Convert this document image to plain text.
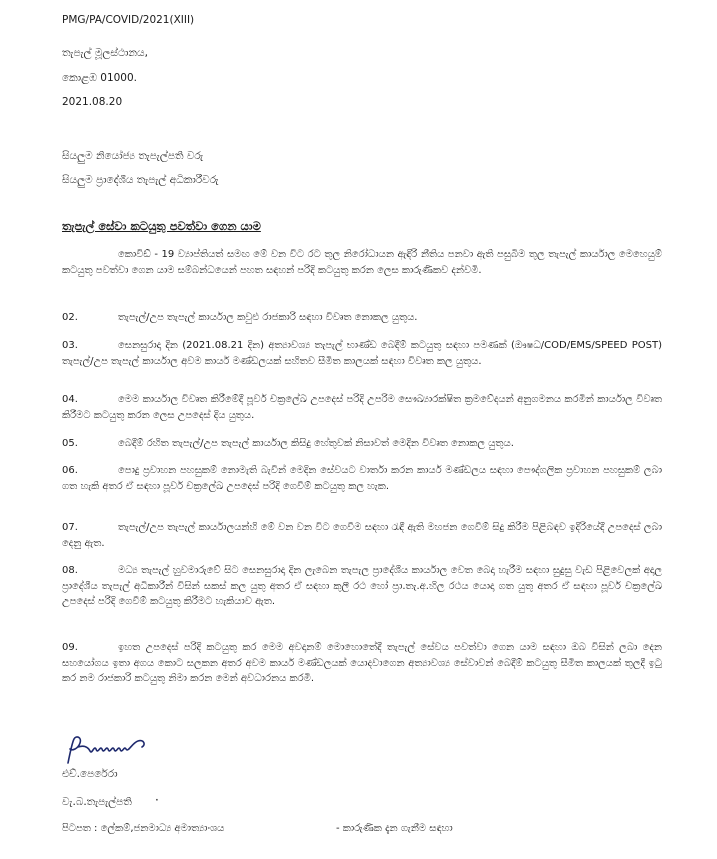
PMG/PA/COVID/2021(XIII)
තැපැල් මූලස්ථානය,
කොළඹ 01000.
2021.08.20
සියලුම නියෝජ්‍ය තැපැල්පති වරු
සියලුම ප්‍රාදේශීය තැපැල් අධිකාරීවරු
තැපැල් සේවා කටයුතු පවත්වා ගෙන යාම
කොවිඩ් - 19 ව්‍යාප්තියත් සමඟ මේ වන විට රට තුල නිරෝධායන ඇඳිරි නීතිය පනවා ඇති පසුබිම තුල තැපැල් කාර්යාල මෙහෙයුම් කටයුතු පවත්වා ගෙන යාම සම්බන්ධයෙන් පහත සඳහන් පරිදි කටයුතු කරන ලෙස කාරුණිකව දන්වමි.
02.	තැපැල්/උප තැපැල් කාර්යාල කවුළු රාජකාරි සඳහා විවෘත නොකල යුතුය.
03.	සෙනසුරාදා දින (2021.08.21 දින) අත්‍යාවශ්‍ය තැපැල් භාණ්ඩ බෙදීම් කටයුතු සඳහා පමණක් (ඖෂධ/COD/EMS/SPEED POST) තැපැල්/උප තැපැල් කාර්යාල අවම කාර්ය මණ්ඩලයක් සහිතව සීමිත කාලයක් සඳහා විවෘත කල යුතුය.
04.	මෙම කාර්යාල විවෘත කිරීමේදී පූර්ව චක්‍රලේඛ උපදෙස් පරිදි උපරිම සෞඛ්‍යාරක්ෂිත ක්‍රමවේදයන් අනුගමනය කරමින් කාර්යාල විවෘත කිරීමට කටයුතු කරන ලෙස උපදෙස් දිය යුතුය.
05.	බෙදීම් රහිත තැපැල්/උප තැපැල් කාර්යාල කිසිදු හේතුවක් නිසාවත් මෙදින විවෘත නොකල යුතුය.
06.	පොදු ප්‍රවාහන පහසුකම් නොමැති බැවින් මෙදින සේවයට වාර්තා කරන කාර්ය මණ්ඩලය සඳහා පෞද්ගලික ප්‍රවාහන පහසුකම් ලබා ගත හැකි අතර ඒ සඳහා පූර්ව චක්‍රලේඛ උපදෙස් පරිදි ගෙවීම් කටයුතු කල හැක.
07.	තැපැල්/උප තැපැල් කාර්යාලයන්හි මේ වන වන විට ගෙවීම සඳහා රැඳී ඇති මහජන ගෙවීම් සිදු කිරීම පිළිබඳව ඉදිරියේදී උපදෙස් ලබා දෙනු ඇත.
08.	මධ්‍ය තැපැල් හුවමාරුවේ සිට සෙනසුරාදා දින ලැබෙන තැපැල ප්‍රාදේශීය කාර්යාල වෙත බෙදා හැරීම සඳහා සුදුසු වැඩ පිළිවෙලක් අදාල ප්‍රාදේශීය තැපැල් අධිකාරීන් විසින් සකස් කල යුතු අතර ඒ සඳහා කුලී රථ හෝ ප්‍රා.තැ.අ.හිල රථය යොදා ගත යුතු අතර ඒ සඳහා පූර්ව චක්‍රලේඛ උපදෙස් පරිදි ගෙවීම් කටයුතු කිරීමට හැකියාව ඇත.
09.	ඉහත උපදෙස් පරිදි කටයුතු කර මෙම අවදානම් මොහොතේදී තැපැල් සේවය පවත්වා ගෙන යාම සඳහා ඔබ විසින් ලබා දෙන සහයෝගය ඉතා අගය කොට සලකන අතර අවම කාර්ය මණ්ඩලයක් යොදවාගෙන අත්‍යාවශ්‍ය සේවාවන් බෙදීම් කටයුතු සීමිත කාලයක් තුලදී ඉටු කර නම රාජකාරි කටයුතු නිමා කරන මෙන් අවධාරනය කරමි.
එච්.පෙරේරා
වැ.බ.තැපැල්පති ·
පිටපත : ලේකම්,ජනමාධ්‍ය අමාත්‍යාංශය	- කාරුණික දැන ගැනීම සඳහා
